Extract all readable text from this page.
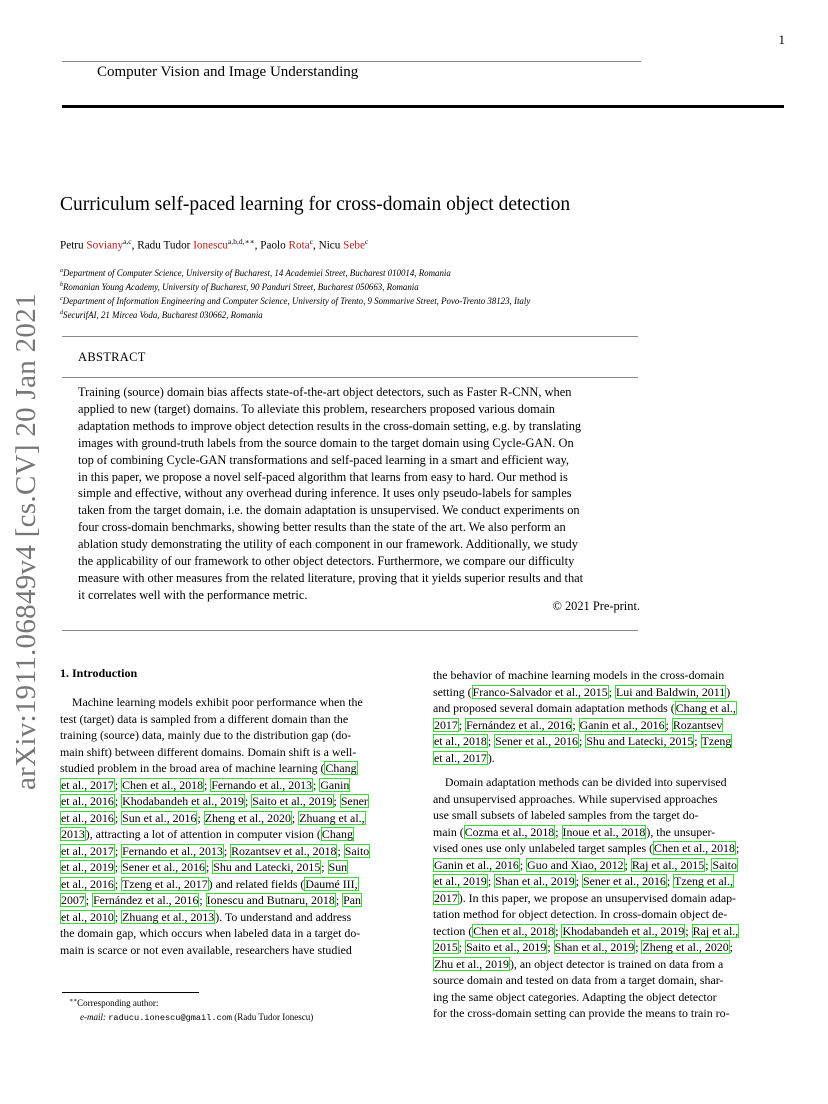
1
Computer Vision and Image Understanding
arXiv:1911.06849v4 [cs.CV] 20 Jan 2021
Curriculum self-paced learning for cross-domain object detection
Petru Soviany$^{a,c}$, Radu Tudor Ionescu$^{a,b,d,∗∗}$, Paolo Rota$^c$, Nicu Sebe$^c$
$^a$Department of Computer Science, University of Bucharest, 14 Academiei Street, Bucharest 010014, Romania
$^b$Romanian Young Academy, University of Bucharest, 90 Panduri Street, Bucharest 050663, Romania
$^c$Department of Information Engineering and Computer Science, University of Trento, 9 Sommarive Street, Povo-Trento 38123, Italy
$^d$SecurifAI, 21 Mircea Voda, Bucharest 030662, Romania
ABSTRACT
Training (source) domain bias affects state-of-the-art object detectors, such as Faster R-CNN, when
applied to new (target) domains. To alleviate this problem, researchers proposed various domain
adaptation methods to improve object detection results in the cross-domain setting, e.g. by translating
images with ground-truth labels from the source domain to the target domain using Cycle-GAN. On
top of combining Cycle-GAN transformations and self-paced learning in a smart and efficient way,
in this paper, we propose a novel self-paced algorithm that learns from easy to hard. Our method is
simple and effective, without any overhead during inference. It uses only pseudo-labels for samples
taken from the target domain, i.e. the domain adaptation is unsupervised. We conduct experiments on
four cross-domain benchmarks, showing better results than the state of the art. We also perform an
ablation study demonstrating the utility of each component in our framework. Additionally, we study
the applicability of our framework to other object detectors. Furthermore, we compare our difficulty
measure with other measures from the related literature, proving that it yields superior results and that
it correlates well with the performance metric.
© 2021 Pre-print.
1. Introduction
 Machine learning models exhibit poor performance when the
test (target) data is sampled from a different domain than the
training (source) data, mainly due to the distribution gap (do-
main shift) between different domains. Domain shift is a well-
studied problem in the broad area of machine learning (Chang
et al., 2017; Chen et al., 2018; Fernando et al., 2013; Ganin
et al., 2016; Khodabandeh et al., 2019; Saito et al., 2019; Sener
et al., 2016; Sun et al., 2016; Zheng et al., 2020; Zhuang et al.,
2013), attracting a lot of attention in computer vision (Chang
et al., 2017; Fernando et al., 2013; Rozantsev et al., 2018; Saito
et al., 2019; Sener et al., 2016; Shu and Latecki, 2015; Sun
et al., 2016; Tzeng et al., 2017) and related fields (Daumé III,
2007; Fernández et al., 2016; Ionescu and Butnaru, 2018; Pan
et al., 2010; Zhuang et al., 2013). To understand and address
the domain gap, which occurs when labeled data in a target do-
main is scarce or not even available, researchers have studied
the behavior of machine learning models in the cross-domain
setting (Franco-Salvador et al., 2015; Lui and Baldwin, 2011)
and proposed several domain adaptation methods (Chang et al.,
2017; Fernández et al., 2016; Ganin et al., 2016; Rozantsev
et al., 2018; Sener et al., 2016; Shu and Latecki, 2015; Tzeng
et al., 2017).
 Domain adaptation methods can be divided into supervised
and unsupervised approaches. While supervised approaches
use small subsets of labeled samples from the target do-
main (Cozma et al., 2018; Inoue et al., 2018), the unsuper-
vised ones use only unlabeled target samples (Chen et al., 2018;
Ganin et al., 2016; Guo and Xiao, 2012; Raj et al., 2015; Saito
et al., 2019; Shan et al., 2019; Sener et al., 2016; Tzeng et al.,
2017). In this paper, we propose an unsupervised domain adap-
tation method for object detection. In cross-domain object de-
tection (Chen et al., 2018; Khodabandeh et al., 2019; Raj et al.,
2015; Saito et al., 2019; Shan et al., 2019; Zheng et al., 2020;
Zhu et al., 2019), an object detector is trained on data from a
source domain and tested on data from a target domain, shar-
ing the same object categories. Adapting the object detector
for the cross-domain setting can provide the means to train ro-
∗∗Corresponding author:
e-mail: raducu.ionescu@gmail.com (Radu Tudor Ionescu)
